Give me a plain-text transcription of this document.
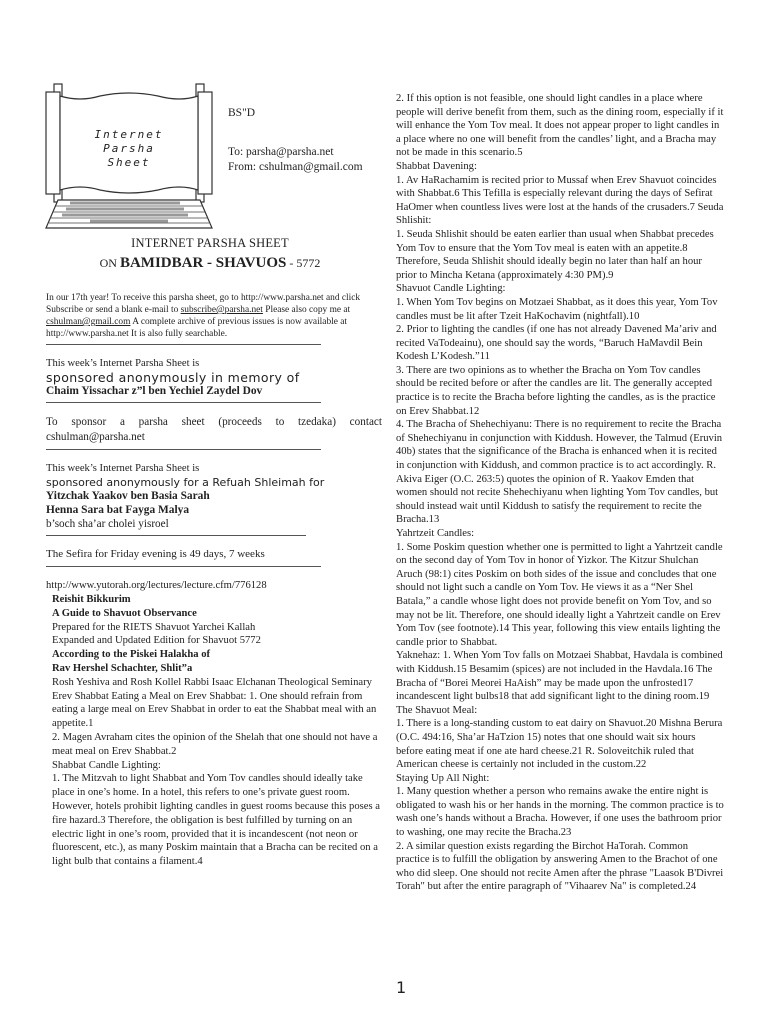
Internet
Parsha
Sheet
BS"D
To: parsha@parsha.net
From: cshulman@gmail.com
INTERNET PARSHA SHEET
ON BAMIDBAR - SHAVUOS - 5772

In our 17th year! To receive this parsha sheet, go to http://www.parsha.net and click Subscribe or send a blank e-mail to subscribe@parsha.net Please also copy me at cshulman@gmail.com A complete archive of previous issues is now available at http://www.parsha.net It is also fully searchable.

This week’s Internet Parsha Sheet is

sponsored anonymously in memory of

Chaim Yissachar z”l ben Yechiel Zaydel Dov

To sponsor a parsha sheet (proceeds to tzedaka) contact cshulman@parsha.net

This week’s Internet Parsha Sheet is

sponsored anonymously for a Refuah Shleimah for

Yitzchak Yaakov ben Basia Sarah

Henna Sara bat Fayga Malya

b’soch sha’ar cholei yisroel

The Sefira for Friday evening is 49 days, 7 weeks

http://www.yutorah.org/lectures/lecture.cfm/776128

Reishit Bikkurim

A Guide to Shavuot Observance

Prepared for the RIETS Shavuot Yarchei Kallah

Expanded and Updated Edition for Shavuot 5772

According to the Piskei Halakha of

Rav Hershel Schachter, Shlit”a

Rosh Yeshiva and Rosh Kollel Rabbi Isaac Elchanan Theological Seminary

Erev Shabbat Eating a Meal on Erev Shabbat: 1. One should refrain from eating a large meal on Erev Shabbat in order to eat the Shabbat meal with an appetite.1

2. Magen Avraham cites the opinion of the Shelah that one should not have a meat meal on Erev Shabbat.2

Shabbat Candle Lighting:

1. The Mitzvah to light Shabbat and Yom Tov candles should ideally take place in one’s home. In a hotel, this refers to one’s private guest room. However, hotels prohibit lighting candles in guest rooms because this poses a fire hazard.3 Therefore, the obligation is best fulfilled by turning on an electric light in one’s room, provided that it is incandescent (not neon or fluorescent, etc.), as many Poskim maintain that a Bracha can be recited on a light bulb that contains a filament.4

2. If this option is not feasible, one should light candles in a place where people will derive benefit from them, such as the dining room, especially if it will enhance the Yom Tov meal. It does not appear proper to light candles in a place where no one will benefit from the candles’ light, and a Bracha may not be made in this scenario.5

Shabbat Davening:

1. Av HaRachamim is recited prior to Mussaf when Erev Shavuot coincides with Shabbat.6 This Tefilla is especially relevant during the days of Sefirat HaOmer when countless lives were lost at the hands of the crusaders.7 Seuda Shlishit:

1. Seuda Shlishit should be eaten earlier than usual when Shabbat precedes Yom Tov to ensure that the Yom Tov meal is eaten with an appetite.8 Therefore, Seuda Shlishit should ideally begin no later than half an hour prior to Mincha Ketana (approximately 4:30 PM).9

Shavuot Candle Lighting:

1. When Yom Tov begins on Motzaei Shabbat, as it does this year, Yom Tov candles must be lit after Tzeit HaKochavim (nightfall).10

2. Prior to lighting the candles (if one has not already Davened Ma’ariv and recited VaTodeainu), one should say the words, “Baruch HaMavdil Bein Kodesh L’Kodesh.”11

3. There are two opinions as to whether the Bracha on Yom Tov candles should be recited before or after the candles are lit. The generally accepted practice is to recite the Bracha before lighting the candles, as is the practice on Erev Shabbat.12

4. The Bracha of Shehechiyanu: There is no requirement to recite the Bracha of Shehechiyanu in conjunction with Kiddush. However, the Talmud (Eruvin 40b) states that the significance of the Bracha is enhanced when it is recited in conjunction with Kiddush, and common practice is to act accordingly. R. Akiva Eiger (O.C. 263:5) quotes the opinion of R. Yaakov Emden that women should not recite Shehechiyanu when lighting Yom Tov candles, but should instead wait until Kiddush to satisfy the requirement to recite the Bracha.13

Yahrtzeit Candles:

1. Some Poskim question whether one is permitted to light a Yahrtzeit candle on the second day of Yom Tov in honor of Yizkor. The Kitzur Shulchan Aruch (98:1) cites Poskim on both sides of the issue and concludes that one should not light such a candle on Yom Tov. He views it as a “Ner Shel Batala,” a candle whose light does not provide benefit on Yom Tov, and so may not be lit. Therefore, one should ideally light a Yahrtzeit candle on Erev Yom Tov (see footnote).14 This year, following this view entails lighting the candle prior to Shabbat.

Yaknehaz: 1. When Yom Tov falls on Motzaei Shabbat, Havdala is combined with Kiddush.15 Besamim (spices) are not included in the Havdala.16 The Bracha of “Borei Meorei HaAish” may be made upon the unfrosted17 incandescent light bulbs18 that add significant light to the dining room.19

The Shavuot Meal:

1. There is a long-standing custom to eat dairy on Shavuot.20 Mishna Berura (O.C. 494:16, Sha’ar HaTzion 15) notes that one should wait six hours before eating meat if one ate hard cheese.21 R. Soloveitchik ruled that American cheese is certainly not included in the custom.22

Staying Up All Night:

1. Many question whether a person who remains awake the entire night is obligated to wash his or her hands in the morning. The common practice is to wash one’s hands without a Bracha. However, if one uses the bathroom prior to washing, one may recite the Bracha.23

2. A similar question exists regarding the Birchot HaTorah. Common practice is to fulfill the obligation by answering Amen to the Brachot of one who did sleep. One should not recite Amen after the phrase "Laasok B'Divrei Torah" but after the entire paragraph of "Vihaarev Na" is completed.24

1
